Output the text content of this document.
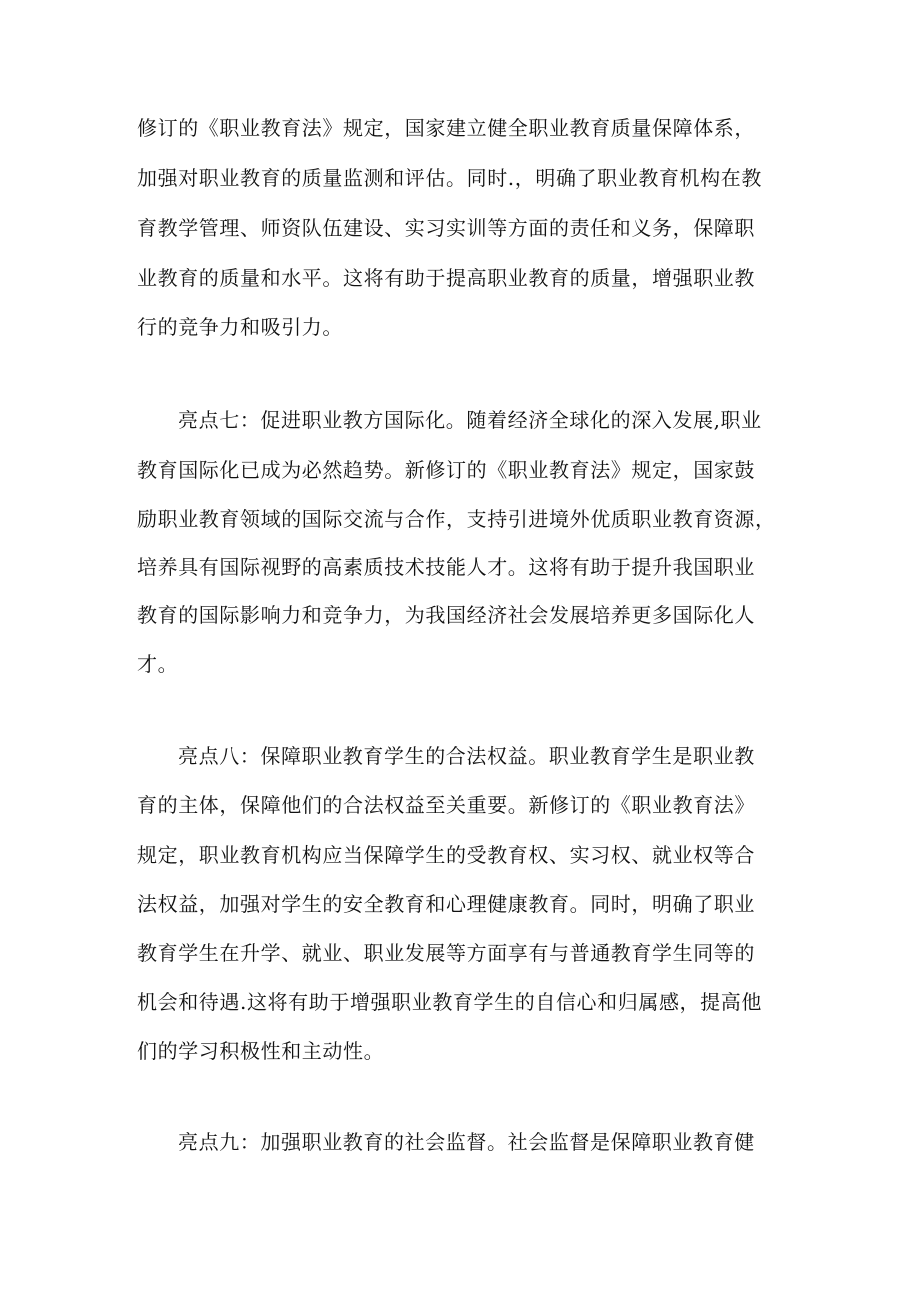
修订的《职业教育法》规定，国家建立健全职业教育质量保障体系，

加强对职业教育的质量监测和评估。同时.，明确了职业教育机构在教

育教学管理、师资队伍建设、实习实训等方面的责任和义务，保障职

业教育的质量和水平。这将有助于提高职业教育的质量，增强职业教

行的竞争力和吸引力。

亮点七：促进职业教方国际化。随着经济全球化的深入发展,职业

教育国际化已成为必然趋势。新修订的《职业教育法》规定，国家鼓

励职业教育领域的国际交流与合作，支持引进境外优质职业教育资源，

培养具有国际视野的高素质技术技能人才。这将有助于提升我国职业

教育的国际影响力和竞争力，为我国经济社会发展培养更多国际化人

才。

亮点八：保障职业教育学生的合法权益。职业教育学生是职业教

育的主体，保障他们的合法权益至关重要。新修订的《职业教育法》

规定，职业教育机构应当保障学生的受教育权、实习权、就业权等合

法权益，加强对学生的安全教育和心理健康教育。同时，明确了职业

教育学生在升学、就业、职业发展等方面享有与普通教育学生同等的

机会和待遇.这将有助于增强职业教育学生的自信心和归属感，提高他

们的学习积极性和主动性。

亮点九：加强职业教育的社会监督。社会监督是保障职业教育健
